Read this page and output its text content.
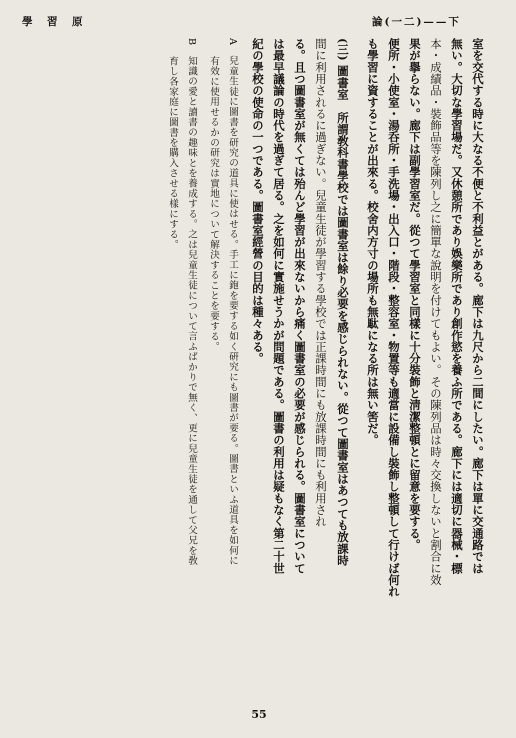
學　習　原	論(一二)——下
室を交代する時に大なる不便と不利益とがある。廊下は九尺から二間にしたい。廊下は單に交通路では
無い。大切な學習場だ。又休憩所であり娛樂所であり創作慾を養ふ所である。廊下には適切に器械・標
本・成績品・裝飾品等を陳列し之に簡單な說明を付けてもよい。その陳列品は時々交換しないと割合に效
果が擧らない。廊下は副學習室だ。從つて學習室と同樣に十分裝飾と淸潔整頓とに留意を要する。
便所・小使室・湯呑所・手洗場・出入口・階段・整容室・物置等も適當に設備し裝飾し整頓して行けば何れ
も學習に資することが出來る。校舍内方寸の場所も無駄になる所は無い筈だ。
(三) 圖書室　所謂敎科書學校では圖書室は餘り必要を感じられない。從つて圖書室はあつても放課時
間に利用されるに過ぎない。兒童生徒が學習する學校では正課時間にも放課時間にも利用され
る。且つ圖書室が無くては殆んど學習が出來ないから痛く圖書室の必要が感じられる。圖書室について
は最早議論の時代を過ぎて居る。之を如何に實施せうかが問題である。圖書の利用は疑もなく第二十世
紀の學校の使命の一つである。圖書室經營の目的は種々ある。
A　兒童生徒に圖書を研究の道具に使はせる。手工に鉋を要する如く硏究にも圖書が要る。圖書といふ道具を如何に
有效に使用せるかの研究は實地について解決することを要する。
B　知識の愛と讀書の趣味とを養成する。之は兒童生徒について言ふばかりで無く、更に兒童生徒を通して父兄を敎
育し各家庭に圖書を購入させる樣にする。
55
